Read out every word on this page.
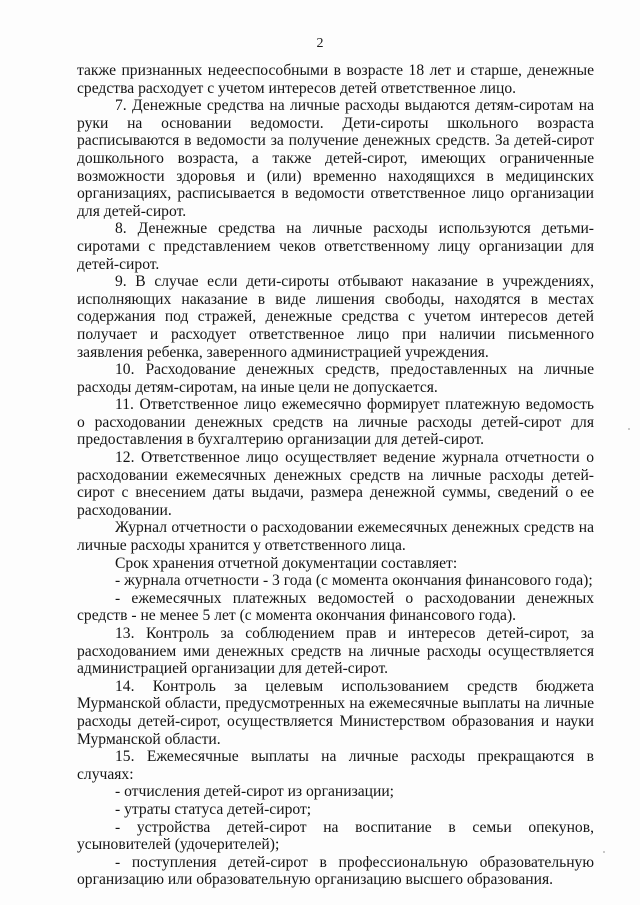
2

также признанных недееспособными в возрасте 18 лет и старше, денежные средства расходует с учетом интересов детей ответственное лицо.

7. Денежные средства на личные расходы выдаются детям-сиротам на руки на основании ведомости. Дети-сироты школьного возраста расписываются в ведомости за получение денежных средств. За детей-сирот дошкольного возраста, а также детей-сирот, имеющих ограниченные возможности здоровья и (или) временно находящихся в медицинских организациях, расписывается в ведомости ответственное лицо организации для детей-сирот.

8. Денежные средства на личные расходы используются детьми-сиротами с представлением чеков ответственному лицу организации для детей-сирот.

9. В случае если дети-сироты отбывают наказание в учреждениях, исполняющих наказание в виде лишения свободы, находятся в местах содержания под стражей, денежные средства с учетом интересов детей получает и расходует ответственное лицо при наличии письменного заявления ребенка, заверенного администрацией учреждения.

10. Расходование денежных средств, предоставленных на личные расходы детям-сиротам, на иные цели не допускается.

11. Ответственное лицо ежемесячно формирует платежную ведомость о расходовании денежных средств на личные расходы детей-сирот для предоставления в бухгалтерию организации для детей-сирот.

12. Ответственное лицо осуществляет ведение журнала отчетности о расходовании ежемесячных денежных средств на личные расходы детей-сирот с внесением даты выдачи, размера денежной суммы, сведений о ее расходовании.

Журнал отчетности о расходовании ежемесячных денежных средств на личные расходы хранится у ответственного лица.

Срок хранения отчетной документации составляет:

- журнала отчетности - 3 года (с момента окончания финансового года);

- ежемесячных платежных ведомостей о расходовании денежных средств - не менее 5 лет (с момента окончания финансового года).

13. Контроль за соблюдением прав и интересов детей-сирот, за расходованием ими денежных средств на личные расходы осуществляется администрацией организации для детей-сирот.

14. Контроль за целевым использованием средств бюджета Мурманской области, предусмотренных на ежемесячные выплаты на личные расходы детей-сирот, осуществляется Министерством образования и науки Мурманской области.

15. Ежемесячные выплаты на личные расходы прекращаются в случаях:

- отчисления детей-сирот из организации;

- утраты статуса детей-сирот;

- устройства детей-сирот на воспитание в семьи опекунов, усыновителей (удочерителей);

- поступления детей-сирот в профессиональную образовательную организацию или образовательную организацию высшего образования.
